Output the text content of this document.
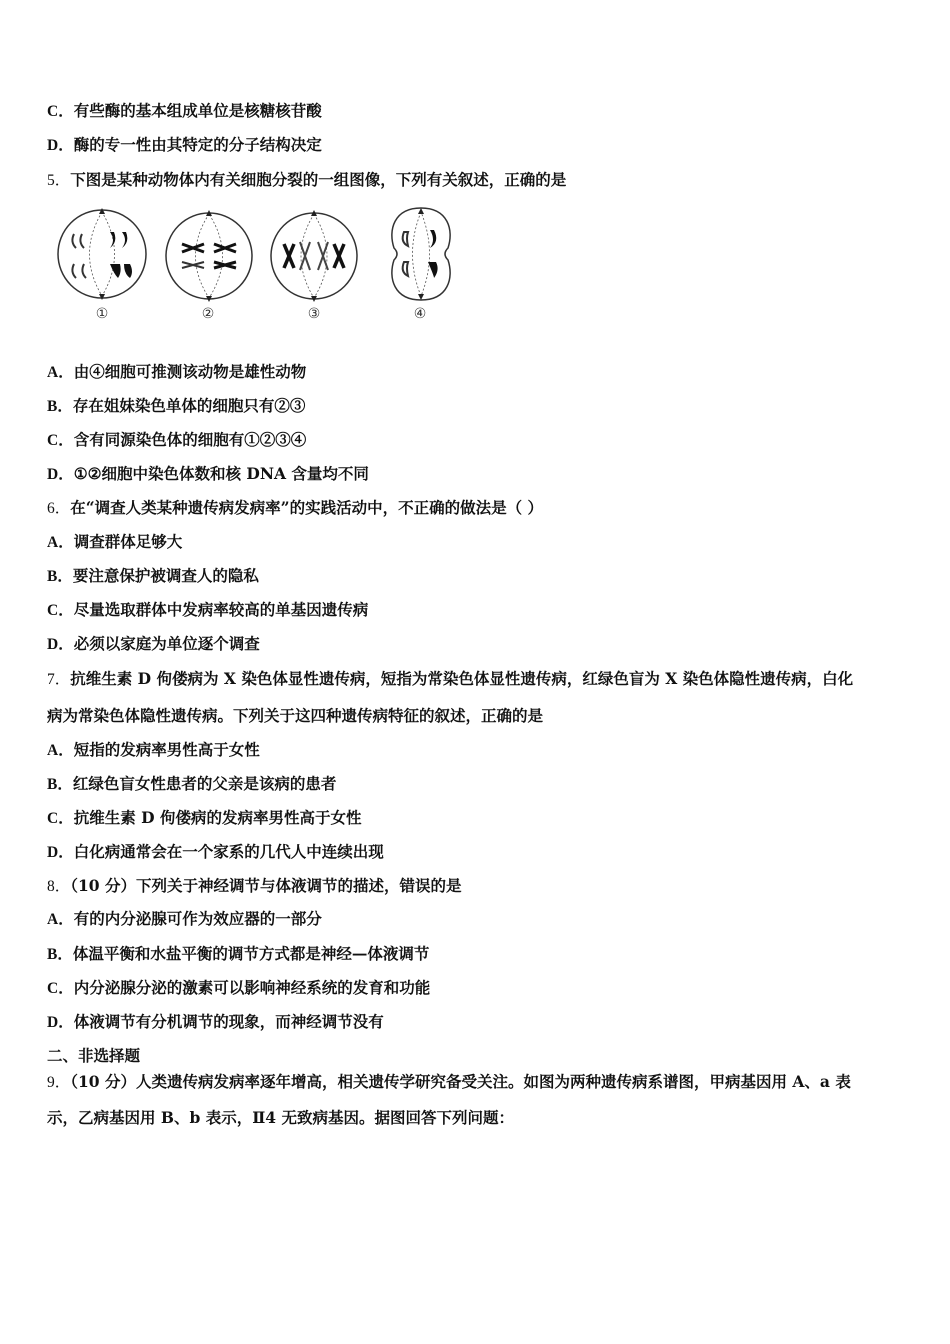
C．有些酶的基本组成单位是核糖核苷酸
D．酶的专一性由其特定的分子结构决定
5．下图是某种动物体内有关细胞分裂的一组图像，下列有关叙述，正确的是
①	②	③	④
A．由④细胞可推测该动物是雄性动物
B．存在姐妹染色单体的细胞只有②③
C．含有同源染色体的细胞有①②③④
D．①②细胞中染色体数和核 DNA 含量均不同
6．在“调查人类某种遗传病发病率”的实践活动中，不正确的做法是（ ）
A．调查群体足够大
B．要注意保护被调查人的隐私
C．尽量选取群体中发病率较高的单基因遗传病
D．必须以家庭为单位逐个调查
7．抗维生素 D 佝偻病为 X 染色体显性遗传病，短指为常染色体显性遗传病，红绿色盲为 X 染色体隐性遗传病，白化
病为常染色体隐性遗传病。下列关于这四种遗传病特征的叙述，正确的是
A．短指的发病率男性高于女性
B．红绿色盲女性患者的父亲是该病的患者
C．抗维生素 D 佝偻病的发病率男性高于女性
D．白化病通常会在一个家系的几代人中连续出现
8．（10 分）下列关于神经调节与体液调节的描述，错误的是
A．有的内分泌腺可作为效应器的一部分
B．体温平衡和水盐平衡的调节方式都是神经—体液调节
C．内分泌腺分泌的激素可以影响神经系统的发育和功能
D．体液调节有分机调节的现象，而神经调节没有
二、非选择题
9．（10 分）人类遗传病发病率逐年增高，相关遗传学研究备受关注。如图为两种遗传病系谱图，甲病基因用 A、a 表
示，乙病基因用 B、b 表示，Ⅱ4 无致病基因。据图回答下列问题：
